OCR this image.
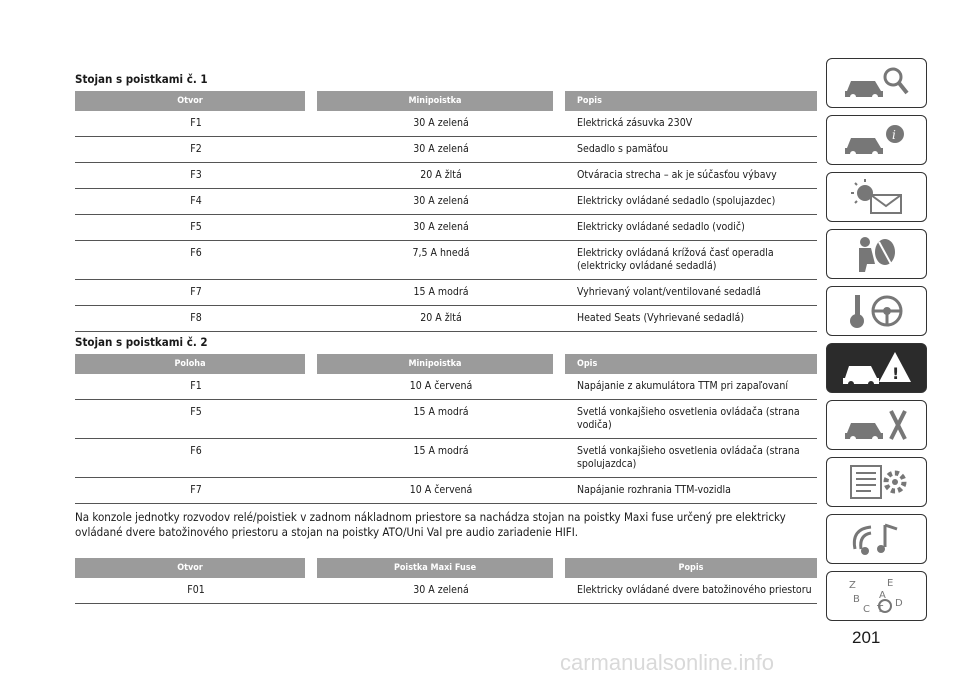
Stojan s poistkami č. 1
Otvor	Minipoistka	Popis
F1	30 A zelená	Elektrická zásuvka 230V
F2	30 A zelená	Sedadlo s pamäťou
F3	20 A žltá	Otváracia strecha – ak je súčasťou výbavy
F4	30 A zelená	Elektricky ovládané sedadlo (spolujazdec)
F5	30 A zelená	Elektricky ovládané sedadlo (vodič)
F6	7,5 A hnedá	Elektricky ovládaná krížová časť operadla (elektricky ovládané sedadlá)
F7	15 A modrá	Vyhrievaný volant/ventilované sedadlá
F8	20 A žltá	Heated Seats (Vyhrievané sedadlá)
Stojan s poistkami č. 2
Poloha	Minipoistka	Opis
F1	10 A červená	Napájanie z akumulátora TTM pri zapaľovaní
F5	15 A modrá	Svetlá vonkajšieho osvetlenia ovládača (strana vodiča)
F6	15 A modrá	Svetlá vonkajšieho osvetlenia ovládača (strana spolujazdca)
F7	10 A červená	Napájanie rozhrania TTM-vozidla

Na konzole jednotky rozvodov relé/poistiek v zadnom nákladnom priestore sa nachádza stojan na poistky Maxi fuse určený pre elektricky ovládané dvere batožinového priestoru a stojan na poistky ATO/Uni Val pre audio zariadenie HIFI.

Otvor	Poistka Maxi Fuse	Popis
F01	30 A zelená	Elektricky ovládané dvere batožinového priestoru
i
!
Z	E
B A
C T
D
201
carmanualsonline.info
